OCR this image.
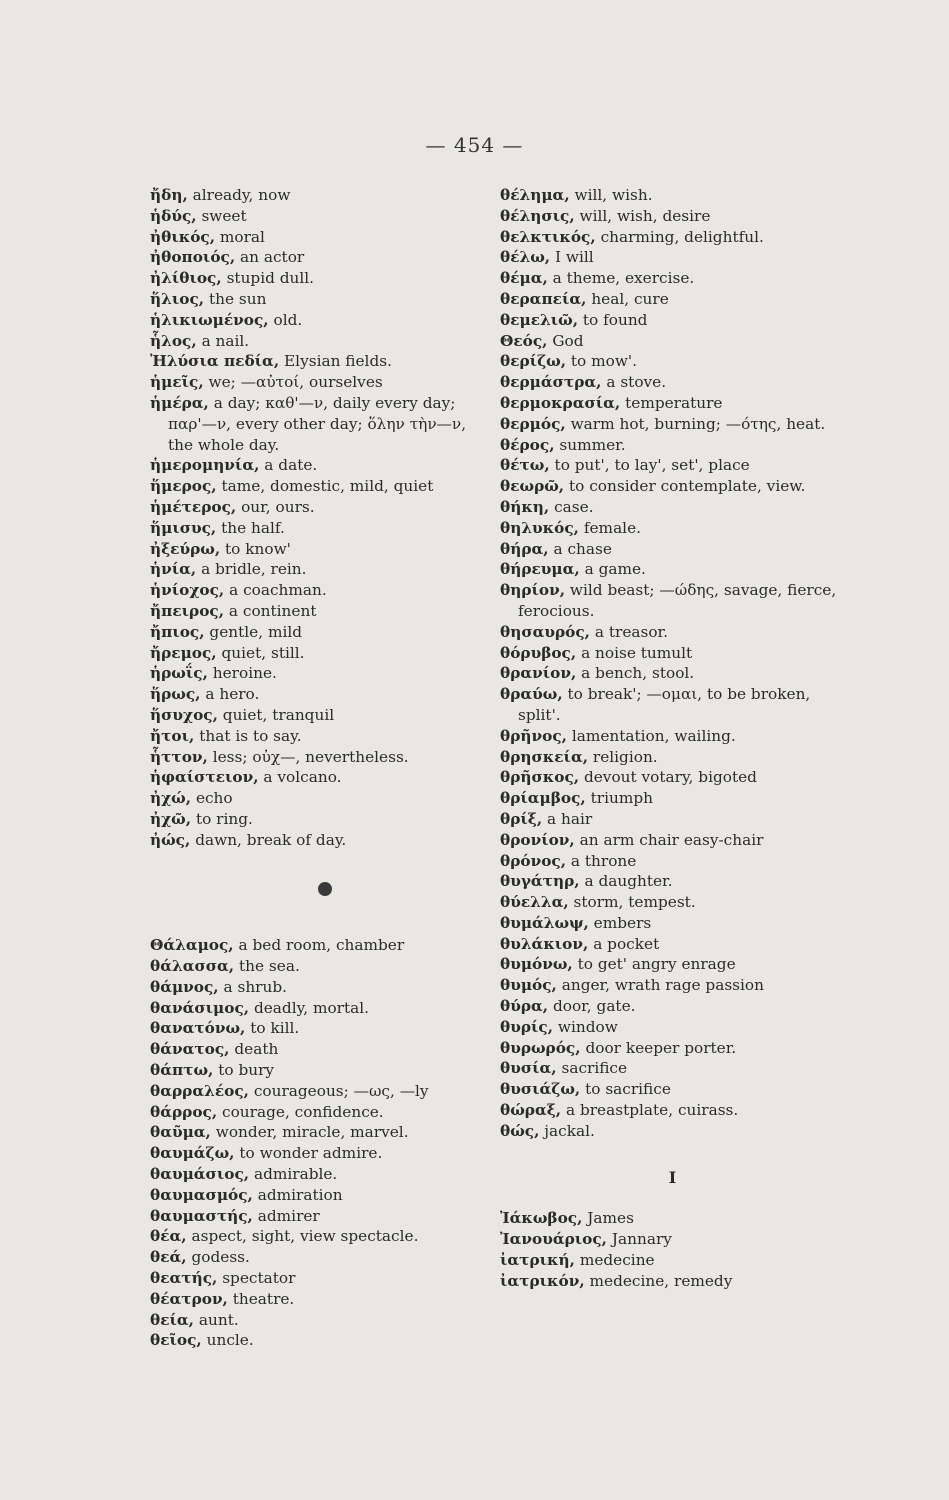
— 454 —

ἤδη, already, now

ἡδύς, sweet

ἠθικός, moral

ἠθοποιός, an actor

ἠλίθιος, stupid dull.

ἥλιος, the sun

ἡλικιωμένος, old.

ἧλος, a nail.

Ἠλύσια πεδία, Elysian fields.

ἡμεῖς, we; —αὐτοί, ourselves

ἡμέρα, a day; καθ'—ν, daily every day; παρ'—ν, every other day; ὅλην τὴν—ν, the whole day.

ἡμερομηνία, a date.

ἥμερος, tame, domestic, mild, quiet

ἡμέτερος, our, ours.

ἥμισυς, the half.

ἠξεύρω, to know'

ἡνία, a bridle, rein.

ἡνίοχος, a coachman.

ἤπειρος, a continent

ἤπιος, gentle, mild

ἤρεμος, quiet, still.

ἡρωΐς, heroine.

ἥρως, a hero.

ἥσυχος, quiet, tranquil

ἤτοι, that is to say.

ἧττον, less; οὐχ—, nevertheless.

ἡφαίστειον, a volcano.

ἠχώ, echo

ἠχῶ, to ring.

ἠώς, dawn, break of day.

Θάλαμος, a bed room, chamber

θάλασσα, the sea.

θάμνος, a shrub.

θανάσιμος, deadly, mortal.

θανατόνω, to kill.

θάνατος, death

θάπτω, to bury

θαρραλέος, courageous; —ως, —ly

θάρρος, courage, confidence.

θαῦμα, wonder, miracle, marvel.

θαυμάζω, to wonder admire.

θαυμάσιος, admirable.

θαυμασμός, admiration

θαυμαστής, admirer

θέα, aspect, sight, view spectacle.

θεά, godess.

θεατής, spectator

θέατρον, theatre.

θεία, aunt.

θεῖος, uncle.

θέλημα, will, wish.

θέλησις, will, wish, desire

θελκτικός, charming, delightful.

θέλω, I will

θέμα, a theme, exercise.

θεραπεία, heal, cure

θεμελιῶ, to found

Θεός, God

θερίζω, to mow'.

θερμάστρα, a stove.

θερμοκρασία, temperature

θερμός, warm hot, burning; —ότης, heat.

θέρος, summer.

θέτω, to put', to lay', set', place

θεωρῶ, to consider contemplate, view.

θήκη, case.

θηλυκός, female.

θήρα, a chase

θήρευμα, a game.

θηρίον, wild beast; —ώδης, savage, fierce, ferocious.

θησαυρός, a treasor.

θόρυβος, a noise tumult

θρανίον, a bench, stool.

θραύω, to break'; —ομαι, to be broken, split'.

θρῆνος, lamentation, wailing.

θρησκεία, religion.

θρῆσκος, devout votary, bigoted

θρίαμβος, triumph

θρίξ, a hair

θρονίον, an arm chair easy-chair

θρόνος, a throne

θυγάτηρ, a daughter.

θύελλα, storm, tempest.

θυμάλωψ, embers

θυλάκιον, a pocket

θυμόνω, to get' angry enrage

θυμός, anger, wrath rage passion

θύρα, door, gate.

θυρίς, window

θυρωρός, door keeper porter.

θυσία, sacrifice

θυσιάζω, to sacrifice

θώραξ, a breastplate, cuirass.

θώς, jackal.

Ι

Ἰάκωβος, James

Ἰανουάριος, Jannary

ἰατρική, medecine

ἰατρικόν, medecine, remedy
